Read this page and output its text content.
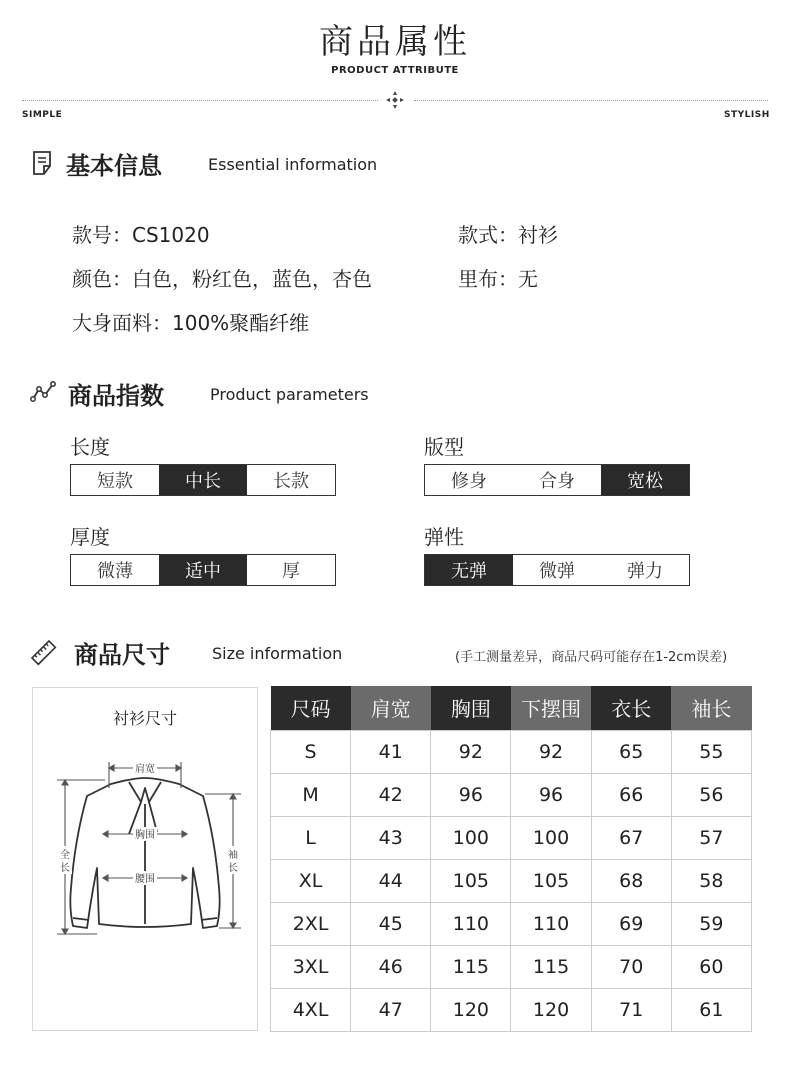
商品属性
PRODUCT ATTRIBUTE
SIMPLE	STYLISH
基本信息	Essential information
款号：CS1020	款式：衬衫
颜色：白色，粉红色，蓝色，杏色	里布：无
大身面料：100%聚酯纤维
商品指数	Product parameters
长度
短款	中长	长款
版型
修身	合身	宽松
厚度
微薄	适中	厚
弹性
无弹	微弹	弹力
商品尺寸	Size information	(手工测量差异，商品尺码可能存在1-2cm误差)
衬衫尺寸
肩宽
胸围
腰围
全
长
袖
长
尺码	肩宽	胸围	下摆围	衣长	袖长
S	41	92	92	65	55
M	42	96	96	66	56
L	43	100	100	67	57
XL	44	105	105	68	58
2XL	45	110	110	69	59
3XL	46	115	115	70	60
4XL	47	120	120	71	61
